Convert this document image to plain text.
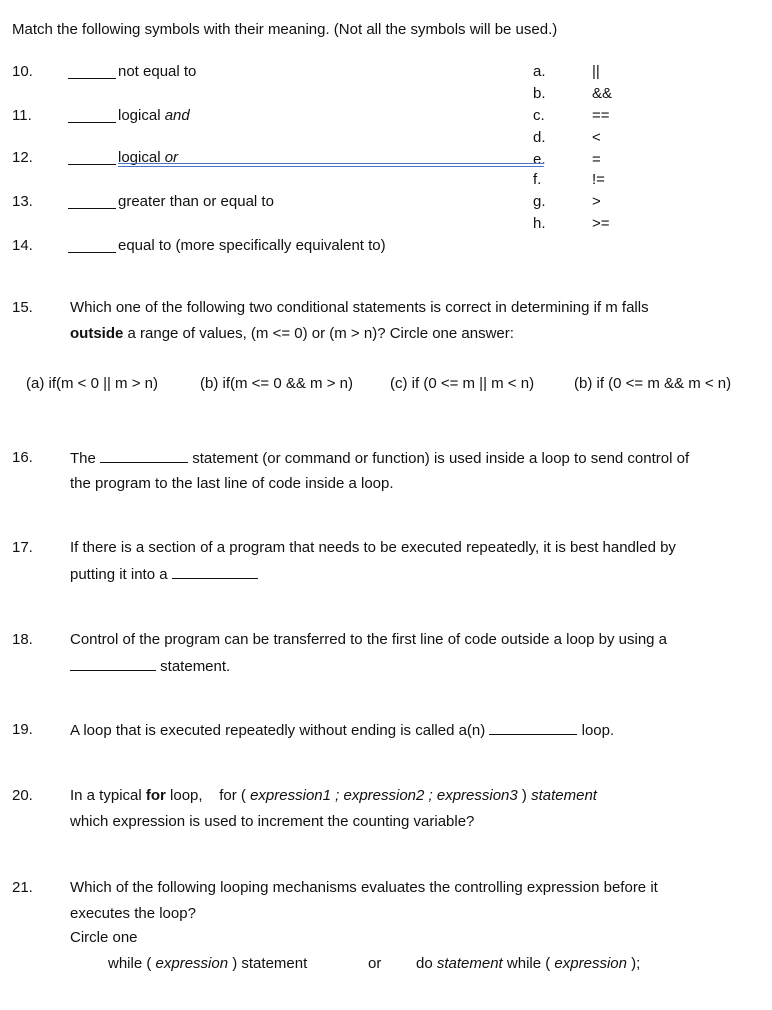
Match the following symbols with their meaning. (Not all the symbols will be used.)
10.	not equal to
11.	logical and
12.	logical or
13.	greater than or equal to
14.	equal to (more specifically equivalent to)
a.	||
b.	&&
c.	==
d.	<
e.	=
f.	!=
g.	>
h.	>=
15. Which one of the following two conditional statements is correct in determining if m falls
outside a range of values, (m <= 0) or (m > n)? Circle one answer:
(a) if(m < 0 || m > n)	(b) if(m <= 0 && m > n) (c) if (0 <= m || m < n)	(b) if (0 <= m && m < n)
16. The	statement (or command or function) is used inside a loop to send control of
the program to the last line of code inside a loop.
17. If there is a section of a program that needs to be executed repeatedly, it is best handled by
putting it into a
18. Control of the program can be transferred to the first line of code outside a loop by using a
statement.
19. A loop that is executed repeatedly without ending is called a(n)	loop.
20. In a typical for loop, for ( expression1 ; expression2 ; expression3 ) statement
which expression is used to increment the counting variable?
21. Which of the following looping mechanisms evaluates the controlling expression before it
executes the loop?
Circle one
while ( expression ) statement	or do statement while ( expression );
